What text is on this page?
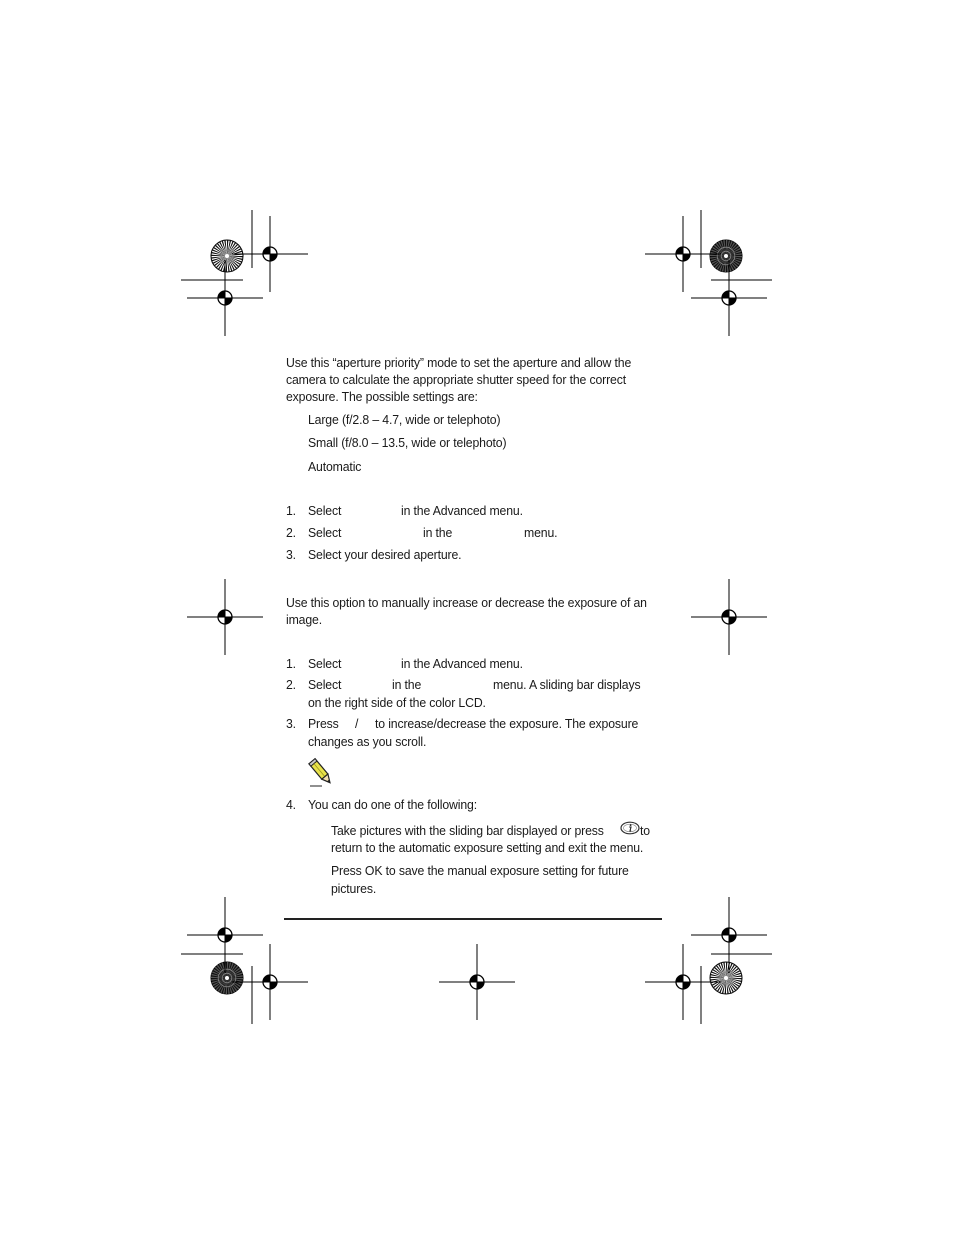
Use this “aperture priority” mode to set the aperture and allow the
camera to calculate the appropriate shutter speed for the correct
exposure. The possible settings are:
Large (f/2.8 – 4.7, wide or telephoto)
Small (f/8.0 – 13.5, wide or telephoto)
Automatic
1. Select	in the Advanced menu.
2. Select	in the	menu.
3. Select your desired aperture.
Use this option to manually increase or decrease the exposure of an
image.
1. Select	in the Advanced menu.
2. Select	in the	menu. A sliding bar displays
on the right side of the color LCD.
3. Press / to increase/decrease the exposure. The exposure
changes as you scroll.
4. You can do one of the following:
Take pictures with the sliding bar displayed or press	to
return to the automatic exposure setting and exit the menu.
Press OK to save the manual exposure setting for future
pictures.
